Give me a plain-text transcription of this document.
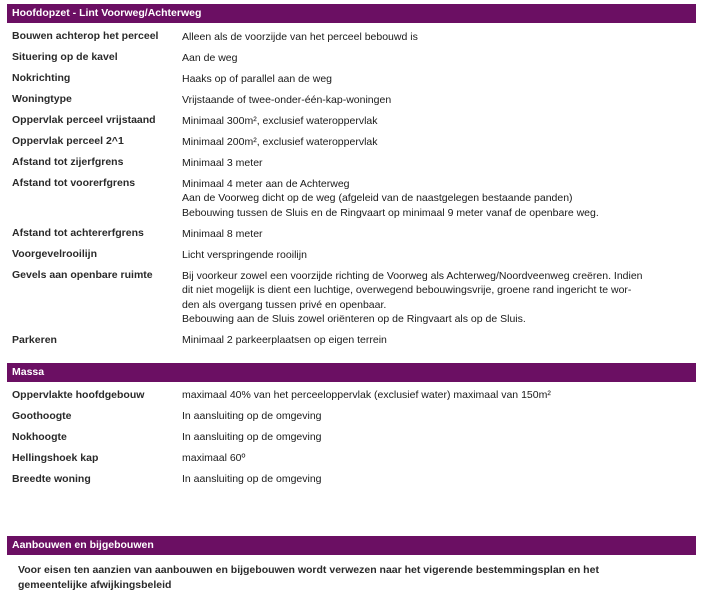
Hoofdopzet - Lint Voorweg/Achterweg
Bouwen achterop het perceel	Alleen als de voorzijde van het perceel bebouwd is
Situering op de kavel	Aan de weg
Nokrichting	Haaks op of parallel aan de weg
Woningtype	Vrijstaande of twee-onder-één-kap-woningen
Oppervlak perceel vrijstaand	Minimaal 300m², exclusief wateroppervlak
Oppervlak perceel 2^1	Minimaal 200m², exclusief wateroppervlak
Afstand tot zijerfgrens	Minimaal 3 meter
Afstand tot voorerfgrens	Minimaal 4 meter aan de Achterweg
Aan de Voorweg dicht op de weg (afgeleid van de naastgelegen bestaande panden)
Bebouwing tussen de Sluis en de Ringvaart op minimaal 9 meter vanaf de openbare weg.
Afstand tot achtererfgrens	Minimaal 8 meter
Voorgevelrooilijn	Licht verspringende rooilijn
Gevels aan openbare ruimte	Bij voorkeur zowel een voorzijde richting de Voorweg als Achterweg/Noordveenweg creëren. Indien
dit niet mogelijk is dient een luchtige, overwegend bebouwingsvrije, groene rand ingericht te wor-
den als overgang tussen privé en openbaar.
Bebouwing aan de Sluis zowel oriënteren op de Ringvaart als op de Sluis.
Parkeren	Minimaal 2 parkeerplaatsen op eigen terrein
Massa
Oppervlakte hoofdgebouw	maximaal 40% van het perceeloppervlak (exclusief water) maximaal van 150m²
Goothoogte	In aansluiting op de omgeving
Nokhoogte	In aansluiting op de omgeving
Hellingshoek kap	maximaal 60º
Breedte woning	In aansluiting op de omgeving
Aanbouwen en bijgebouwen
Voor eisen ten aanzien van aanbouwen en bijgebouwen wordt verwezen naar het vigerende bestemmingsplan en het
gemeentelijke afwijkingsbeleid
